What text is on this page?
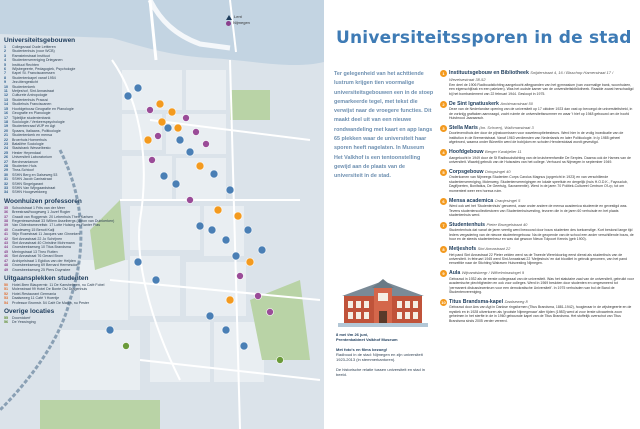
Lent
Nijmegen
Universiteitsgebouwen
1 Collegezaal Oude Lettteren
2 Studentenhuis (voor WCB)
3 Ramsteinstraat Instituut
4 Studentenvereniging Drieganen
5 Instituut Rechten
6 Wijsbegeerte, Pedagogiek, Psychologie
7 Kapel St. Franciscanessen
8 Studentenkapel vanaf 1954
9 Jezuïtengesticht
10 Studentenkerk
11 Metjeshof, Sint Annastraat
12 Culturele Antropologie
13 Studentenhuis Pracusi
14 Studiehuis Franciscanen
15 Hoofdgebouw Geografie en Planologie
16 Geografie en Planologie
17 Tijdelijke studentenbank
18 Sociologie / Verkeerspsychologie
19 Studentenraad WJP en Agt
20 Spaans, Italiaans, Politicologie
21 Studentenkerk en mensa
22 Broerhuis Hoenerhuis
23 Bataliëre Sociologie
24 Stadsbank Wesselbesto
25 Hester Heyendaal
26 Universiteit Laboratorium
27 Berchmanianum
28 Studenten Huis
29 Thea-Schtoof
30 SSHN Berg en Dalseweg 53
31 SSHN Jacob Canisstraat
32 SSHN Singelgarant
33 SSHN Van Wijngaardstraat
34 SSHN Hoogeveldweg
Woonhuizen professoren
35 Schoolstraat 1 Frits van der Meer
36 Breestraat/hoogeweg 1 Jozef Rogier
37 Graadt van Roggenstr. 20 Lebenhuis Theo Karlsen
38 Regentessestraat 33 Willem Asselbergs (Anton van Duinkerken)
39 Van Oldenbarneveltstr. 17 Lotte Hulsing en Ranter Plas
40 Coudewerg 15 Benoit Kaiji
41 Stijn Rozestraat 11 Jacques van Ginneken
42 Sint Annastraat 22 Jo Schrijnen
43 Sint Annastraat 40 Christine Mohrmann
44 Groesbeekseweg 10 Titus Brandsma
45 Meringstraat 13 Theo Rutten
46 Sint Annastraat 76 Gerard Brom
47 Archipelstraat 1 Egidius van der Heijden
48 Groesbeekseweg 69 Bernard Hermesdorf
49 Groesbeekseweg 25 Piers Duynstee
Uitgaansplekken studenten
50 Hotel-Bren Blaupermir. 11 De Kanshebeen, nu Café Fobel
51 Molenstraat 99 Hotel De Bonte Os/ Dragenhuis
52 Hotel-Restaurant Germania
53 Daalseweg 11 Café 't Hoentje
54 Professor Bromstr. 54 Café De Match, nu Pester
Overige locaties
55 Doornickerf
56 De Yeswinging

Ter gelegenheid van het achttiende lustrum krijgen tien voormalige universiteitsgebouwen een in de stoep gemarkeerde tegel, met tekst die verwijst naar de vroegere functies. Dit maakt deel uit van een nieuwe rondwandeling met kaart en app langs 65 plekken waar de universiteit haar sporen heeft nagelaten. In Museum Het Valkhof is een tentoonstelling gewijd aan de plaats van de universiteit in de stad.

8 mei t/m 26 juni,
Prentenkabinet Valkhof Museum

Met foto's en films bezoeg!
Radboud in de stad: Nijmegen en zijn universiteit 1923-2013 (in stemmerkantoren).

De historische relatie tussen universiteit en stad in beeld.

Universiteitssporen in de stad
1 Instituutsgebouw en Bibliotheek Snijderstraat 4, 16 / Bisschop Hamerstraat 17 / Wezelsestraat 38-52
Een deel de 1906 Radboudstichting aangekocht aflegpanden van het gymnasium (van voormalige bank, woonhuizen, een eigenschijfzak en een paleizen). Was het oudste kamer van de universiteitsbibliotheek. Raadde zowat herschadigd bij het bombardement van 22 februari 1944. Gesloopt in 1975.
2 De Sint Ignatiuskerk Ambtmanstraat 50
Deze van de Nederlandse opening van de universiteit op 17 oktober 1923 dan vast op bevoegd de universiteitsheid, in de vorknijg graftaken aanvraagd, zocht ruimte de universiteitsnummer en waar 't hief op 1948 gebouwd om de hoofd Huisbrood Jaaraarsch.
3 Stella Maris (bn. Schoen), Walhmarstraat 3
Doorlevendhuis der door de pijnstoornissen voor wavelenoptiebesteurs. Werd hier in de vrolig inoedicatie van de institution in de Bremenistraat. Vanaf 1963 verdiensten van Nederlands en later Politicologie. In ly 1985 geheel afgebroed, waarna onder Bünertlin werd de bobijdom en scholen Henderstotaal wordt gevestigd.
4 Hoofdgebouw Berger Kwakjelier 11
Aangekocht in 1949 door de St Radboudstichting van de kruisherenfamilie De Serpies. Daarna ook de Harnes van de universiteit. Waarbij gebruik van de Huisrades van het college. Verhuurd na Nijmegen in september 1949.
5 Corpsgebouw Dringsingel 40
Onderkomen van Nijmeegs Studenten Corps Carolus Magnus (opgericht in 1923) en van verschillende studentenvereniging, Molenweg. Studentenverenigingen en lokale speeltuin en dergelijk (huis H.O.D.K., Fayouclub, Dagfijnerten, Bonifatius, De Geertuig, Sacramentie). Werd in de jaren 70 Politiek-Cultureel Centrum O'Lrp, tot om momenteel weer een horeca ruim.
6 Mensa academica Oranjesingel 5
Werd ook wel het 'Studentenhuis' genoemd, waar onder andere de mensa academica studeerde en gevestigd was. Tevens studentencollectiestoren van Studentenhuisvesting, tevoren die in de jaren 60 verhuisde en het plaats studentenhuis werd.
7 Studentenhuis Pieter Bruegelstraat 40
Studentenhuis dat vanaf de jaren veertig werd bewoond door bouw studenten des toekomstige. Kort bestond lange tijd Ieders vergadering van de nieuwe studentengebouw. Na de geopende van de school een ander verschillende bouw, de hoor en de steeds studentenheuz en was dat gewoon Nieuw Tolpoort Kennis (geb 1900).
8 Metjeshofs Sint Annastraat 22
Het pand Sint Annastraat 22 Pieter zelden werd na de Tweede Wereldoorlog eerst dienst als studenthuis van de universiteit. In februari 1945 werd Sint Annastraat 22 'Metjeshuis' en dat blootliet in gebruik genomen, van het pand eenzelfde naar de Stichting Walraven Huisvesting Nijmegen.
9 Aula Wijnandsbergr / Wilhelminasingel 9
Gebouwd in 1932 als de eerste collegezaal van de universiteit. Was het statutaire zaal van de universiteit, gebruikt voor academische plechtigheden en ook voor colleges. Werd in 1969 besloten door studenten en omgesmeerd tot 'permanent diskussiecentrum voor een demokratische Universiteit'. In 1975 verhuisden van bol de Band de Studentenvereniging.
10 Titus Brandsma-kapel Daalseweg 8
Gebouwd door Ans van Agt in Dankse ringsformen (Titus Brandsma, 1881-1942), hoogleraar in de wijsbegeerte en de mystiek en in 1928 uitverkoren als 'grootste Nijmegenaar' aller tijden (1983) werd al voor Ierste uitvaartmis zoon geheimen in het sterfte in de in 1960 gebouwde kapel van de Titus Brandsma. Het stoffelijk overschot van Titus Brandsma sinds 2005 verder vereerd.
